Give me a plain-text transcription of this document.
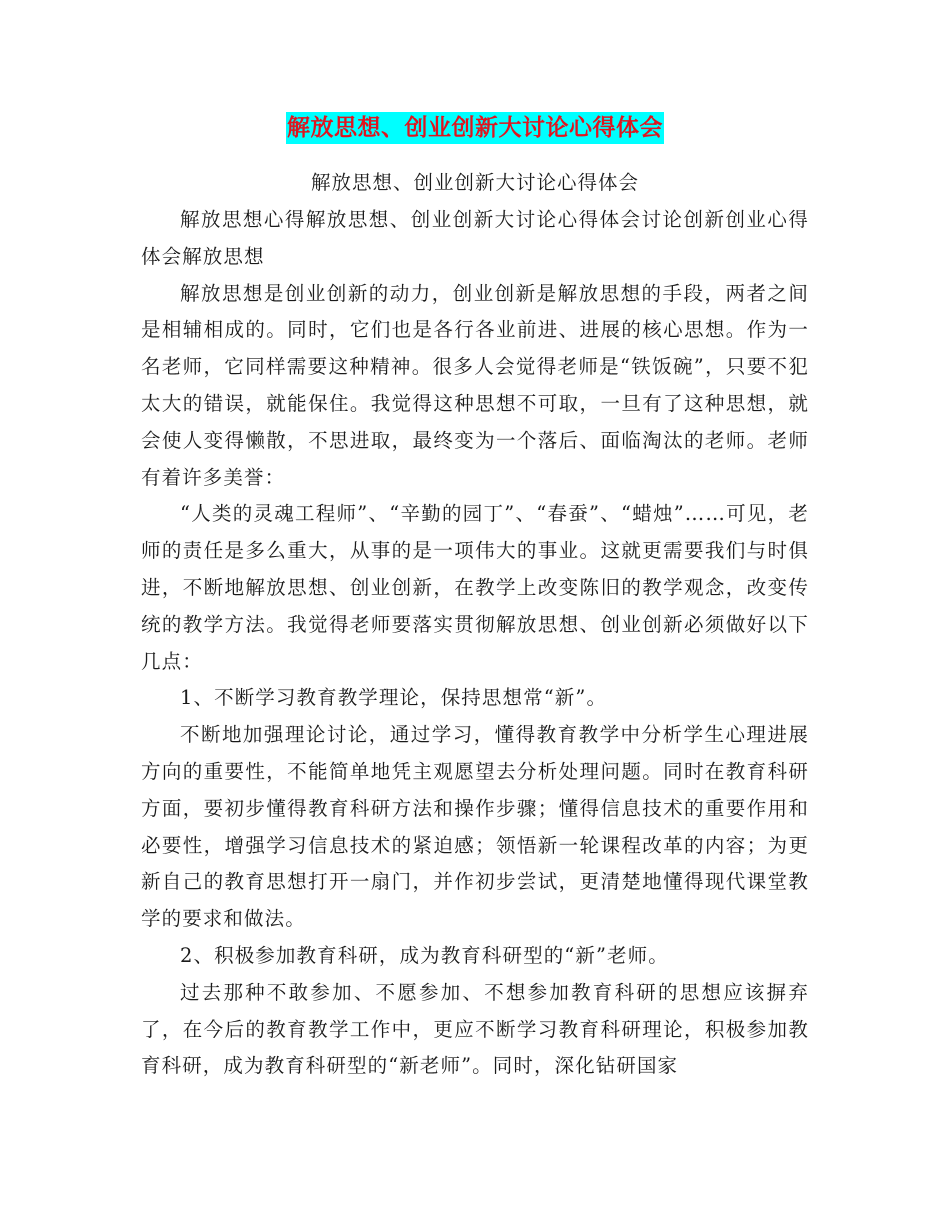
解放思想、创业创新大讨论心得体会
解放思想、创业创新大讨论心得体会

解放思想心得解放思想、创业创新大讨论心得体会讨论创新创业心得体会解放思想

解放思想是创业创新的动力，创业创新是解放思想的手段，两者之间是相辅相成的。同时，它们也是各行各业前进、进展的核心思想。作为一名老师，它同样需要这种精神。很多人会觉得老师是“铁饭碗”，只要不犯太大的错误，就能保住。我觉得这种思想不可取，一旦有了这种思想，就会使人变得懒散，不思进取，最终变为一个落后、面临淘汰的老师。老师有着许多美誉：

“人类的灵魂工程师”、“辛勤的园丁”、“春蚕”、“蜡烛”……可见，老师的责任是多么重大，从事的是一项伟大的事业。这就更需要我们与时俱进，不断地解放思想、创业创新，在教学上改变陈旧的教学观念，改变传统的教学方法。我觉得老师要落实贯彻解放思想、创业创新必须做好以下几点：

1、不断学习教育教学理论，保持思想常“新”。

不断地加强理论讨论，通过学习，懂得教育教学中分析学生心理进展方向的重要性，不能简单地凭主观愿望去分析处理问题。同时在教育科研方面，要初步懂得教育科研方法和操作步骤；懂得信息技术的重要作用和必要性，增强学习信息技术的紧迫感；领悟新一轮课程改革的内容；为更新自己的教育思想打开一扇门，并作初步尝试，更清楚地懂得现代课堂教学的要求和做法。

2、积极参加教育科研，成为教育科研型的“新”老师。

过去那种不敢参加、不愿参加、不想参加教育科研的思想应该摒弃了，在今后的教育教学工作中，更应不断学习教育科研理论，积极参加教育科研，成为教育科研型的“新老师”。同时，深化钻研国家
